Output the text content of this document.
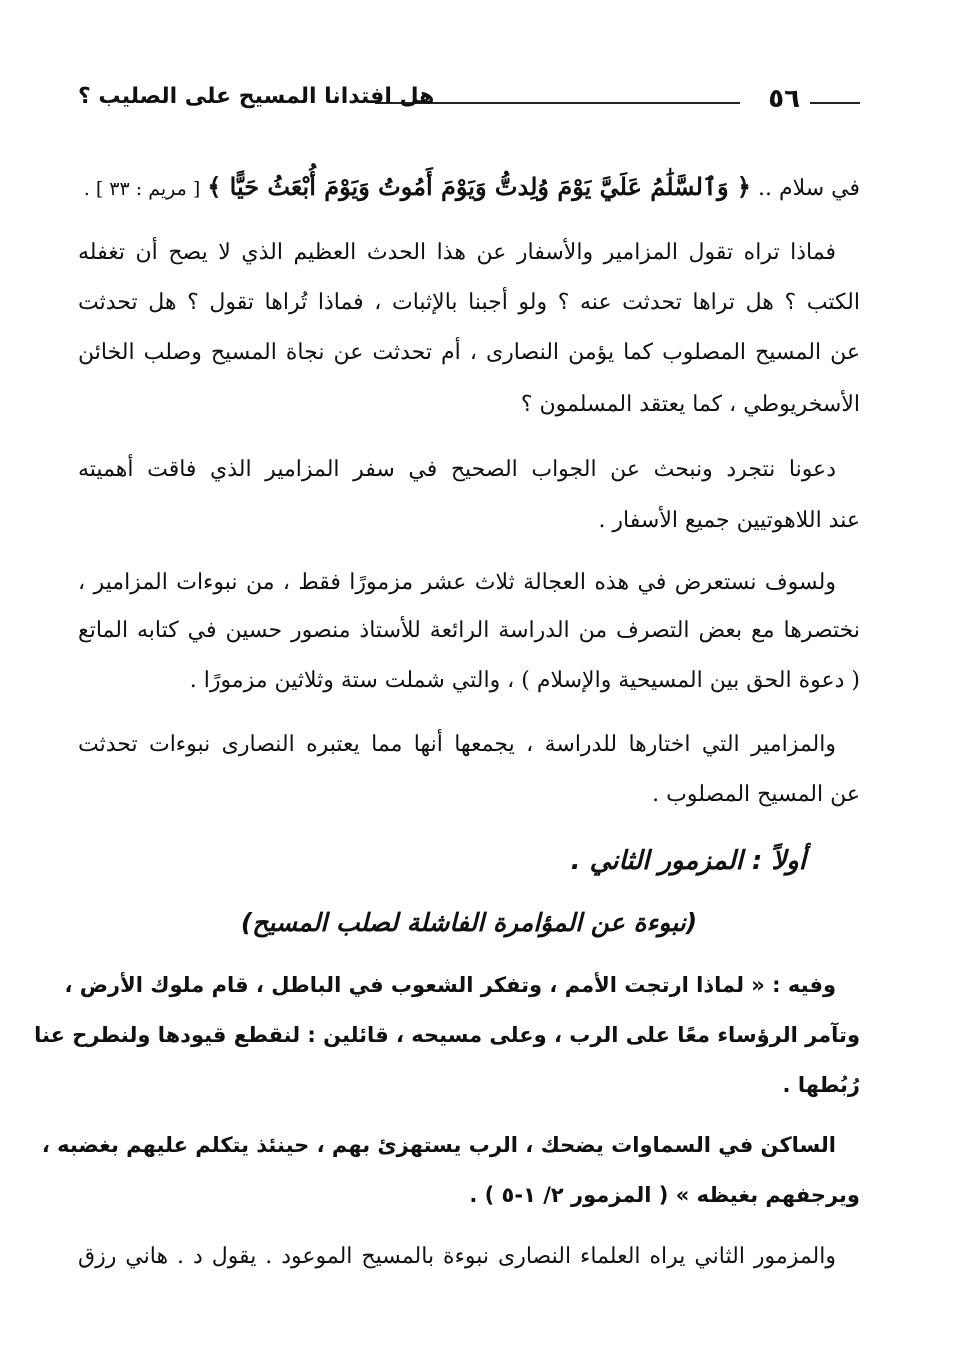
٥٦
هل افتدانا المسيح على الصليب ؟
في سلام .. ﴿ وَٱلسَّلَٰمُ عَلَيَّ يَوْمَ وُلِدتُّ وَيَوْمَ أَمُوتُ وَيَوْمَ أُبْعَثُ حَيًّا ﴾ [ مريم : ٣٣ ] .
فماذا تراه تقول المزامير والأسفار عن هذا الحدث العظيم الذي لا يصح أن تغفله
الكتب ؟ هل تراها تحدثت عنه ؟ ولو أجبنا بالإثبات ، فماذا تُراها تقول ؟ هل تحدثت
عن المسيح المصلوب كما يؤمن النصارى ، أم تحدثت عن نجاة المسيح وصلب الخائن
الأسخريوطي ، كما يعتقد المسلمون ؟
دعونا نتجرد ونبحث عن الجواب الصحيح في سفر المزامير الذي فاقت أهميته
عند اللاهوتيين جميع الأسفار .
ولسوف نستعرض في هذه العجالة ثلاث عشر مزمورًا فقط ، من نبوءات المزامير ،
نختصرها مع بعض التصرف من الدراسة الرائعة للأستاذ منصور حسين في كتابه الماتع
( دعوة الحق بين المسيحية والإسلام ) ، والتي شملت ستة وثلاثين مزمورًا .
والمزامير التي اختارها للدراسة ، يجمعها أنها مما يعتبره النصارى نبوءات تحدثت
عن المسيح المصلوب .
أولاً : المزمور الثاني .
(نبوءة عن المؤامرة الفاشلة لصلب المسيح)
وفيه : « لماذا ارتجت الأمم ، وتفكر الشعوب في الباطل ، قام ملوك الأرض ،
وتآمر الرؤساء معًا على الرب ، وعلى مسيحه ، قائلين : لنقطع قيودها ولنطرح عنا
رُبُطها .
الساكن في السماوات يضحك ، الرب يستهزئ بهم ، حينئذ يتكلم عليهم بغضبه ،
ويرجفهم بغيظه » ( المزمور ٢/ ١-٥ ) .
والمزمور الثاني يراه العلماء النصارى نبوءة بالمسيح الموعود . يقول د . هاني رزق
